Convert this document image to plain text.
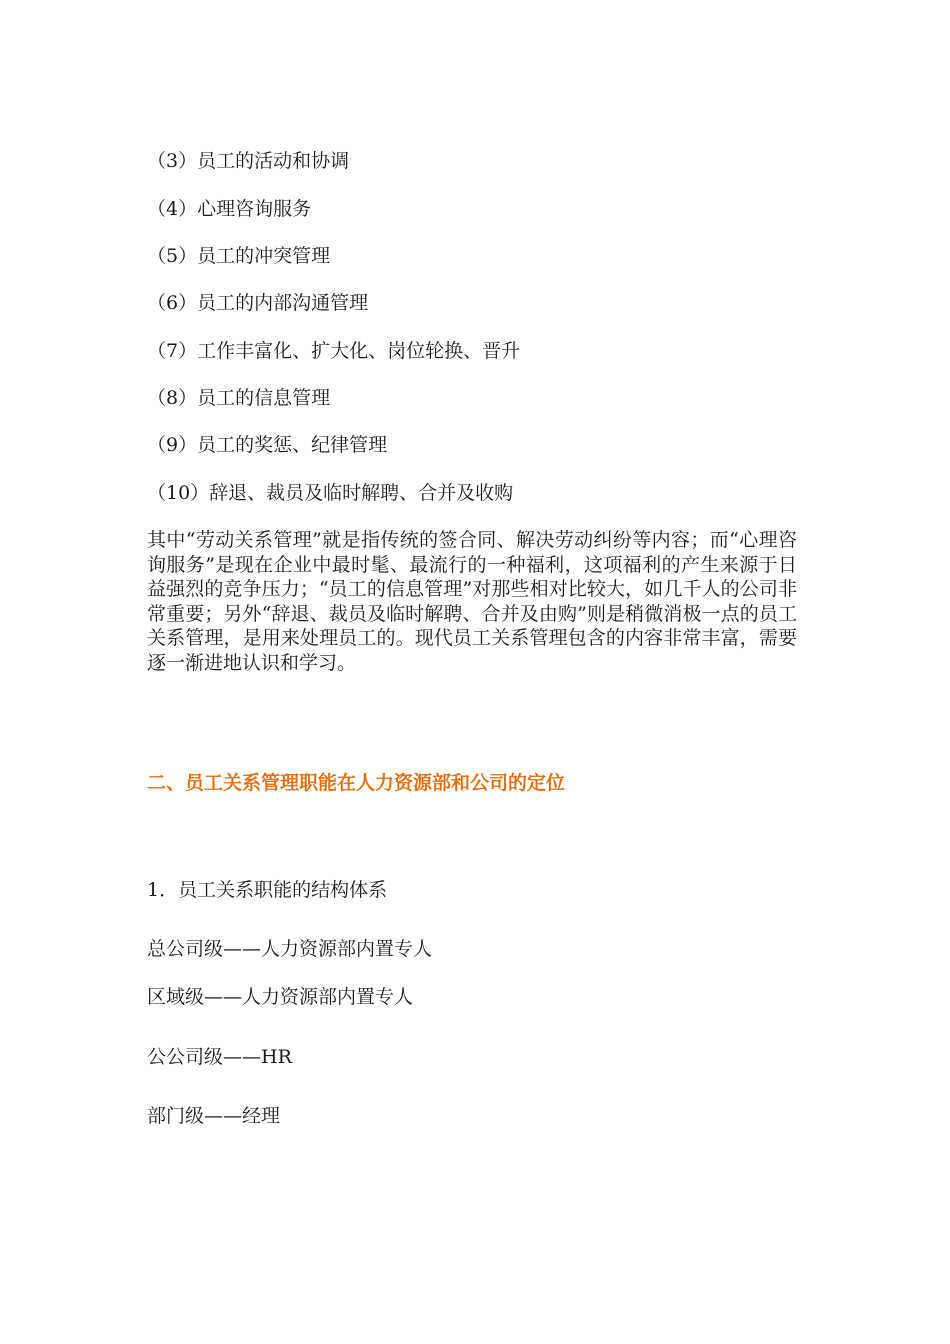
（3）员工的活动和协调
（4）心理咨询服务
（5）员工的冲突管理
（6）员工的内部沟通管理
（7）工作丰富化、扩大化、岗位轮换、晋升
（8）员工的信息管理
（9）员工的奖惩、纪律管理
（10）辞退、裁员及临时解聘、合并及收购
其中“劳动关系管理”就是指传统的签合同、解决劳动纠纷等内容；而“心理咨询服务”是现在企业中最时髦、最流行的一种福利，这项福利的产生来源于日益强烈的竞争压力；“员工的信息管理”对那些相对比较大，如几千人的公司非常重要；另外“辞退、裁员及临时解聘、合并及由购”则是稍微消极一点的员工关系管理，是用来处理员工的。现代员工关系管理包含的内容非常丰富，需要逐一渐进地认识和学习。
二、员工关系管理职能在人力资源部和公司的定位
1．员工关系职能的结构体系
总公司级——人力资源部内置专人
区域级——人力资源部内置专人
公公司级——HR
部门级——经理
